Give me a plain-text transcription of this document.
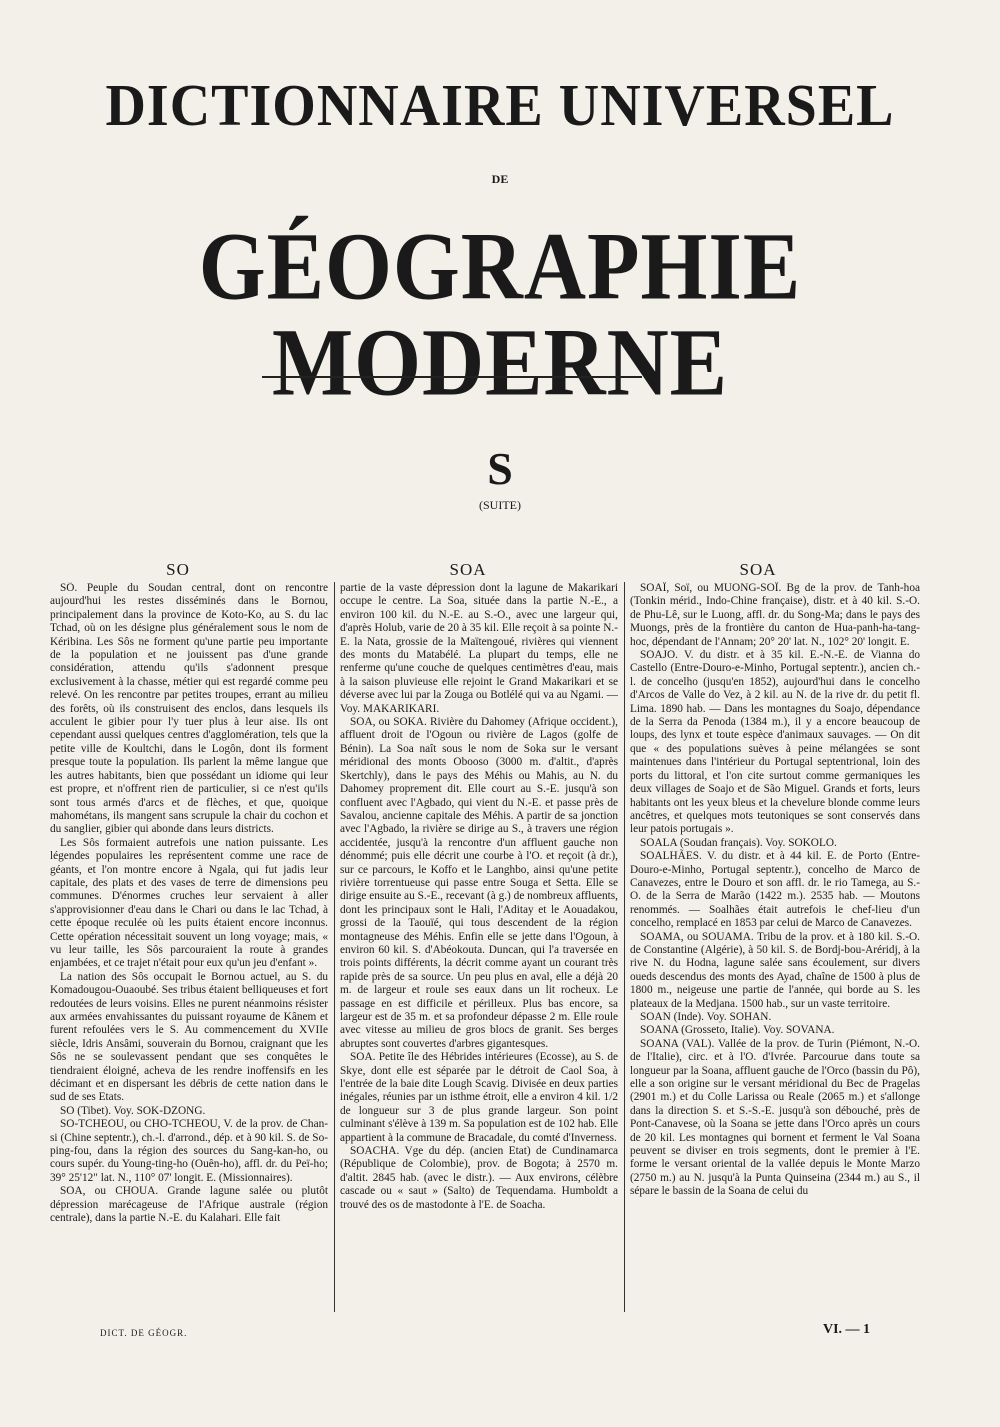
DICTIONNAIRE UNIVERSEL
DE
GÉOGRAPHIE MODERNE
S
(SUITE)
SO	SOA	SOA

SÔ. Peuple du Soudan central, dont on rencontre aujourd'hui les restes disséminés dans le Bornou, principalement dans la province de Koto-Ko, au S. du lac Tchad, où on les désigne plus généralement sous le nom de Kéribina. Les Sôs ne forment qu'une partie peu importante de la population et ne jouissent pas d'une grande considération, attendu qu'ils s'adonnent presque exclusivement à la chasse, métier qui est regardé comme peu relevé. On les rencontre par petites troupes, errant au milieu des forêts, où ils construisent des enclos, dans lesquels ils acculent le gibier pour l'y tuer plus à leur aise. Ils ont cependant aussi quelques centres d'agglomération, tels que la petite ville de Koultchi, dans le Logôn, dont ils forment presque toute la population. Ils parlent la même langue que les autres habitants, bien que possédant un idiome qui leur est propre, et n'offrent rien de particulier, si ce n'est qu'ils sont tous armés d'arcs et de flèches, et que, quoique mahométans, ils mangent sans scrupule la chair du cochon et du sanglier, gibier qui abonde dans leurs districts.

Les Sôs formaient autrefois une nation puissante. Les légendes populaires les représentent comme une race de géants, et l'on montre encore à Ngala, qui fut jadis leur capitale, des plats et des vases de terre de dimensions peu communes. D'énormes cruches leur servaient à aller s'approvisionner d'eau dans le Chari ou dans le lac Tchad, à cette époque reculée où les puits étaient encore inconnus. Cette opération nécessitait souvent un long voyage; mais, « vu leur taille, les Sôs parcouraient la route à grandes enjambées, et ce trajet n'était pour eux qu'un jeu d'enfant ».

La nation des Sôs occupait le Bornou actuel, au S. du Komadougou-Ouaoubé. Ses tribus étaient belliqueuses et fort redoutées de leurs voisins. Elles ne purent néanmoins résister aux armées envahissantes du puissant royaume de Kânem et furent refoulées vers le S. Au commencement du XVIIe siècle, Idris Ansâmi, souverain du Bornou, craignant que les Sôs ne se soulevassent pendant que ses conquêtes le tiendraient éloigné, acheva de les rendre inoffensifs en les décimant et en dispersant les débris de cette nation dans le sud de ses Etats.

SO (Tibet). Voy. SOK-DZONG.

SO-TCHEOU, ou CHO-TCHEOU, V. de la prov. de Chan-si (Chine septentr.), ch.-l. d'arrond., dép. et à 90 kil. S. de So-ping-fou, dans la région des sources du Sang-kan-ho, ou cours supér. du Young-ting-ho (Ouên-ho), affl. dr. du Peï-ho; 39° 25'12" lat. N., 110° 07' longit. E. (Missionnaires).

SOA, ou CHOUA. Grande lagune salée ou plutôt dépression marécageuse de l'Afrique australe (région centrale), dans la partie N.-E. du Kalahari. Elle fait

partie de la vaste dépression dont la lagune de Makarikari occupe le centre. La Soa, située dans la partie N.-E., a environ 100 kil. du N.-E. au S.-O., avec une largeur qui, d'après Holub, varie de 20 à 35 kil. Elle reçoit à sa pointe N.-E. la Nata, grossie de la Maïtengoué, rivières qui viennent des monts du Matabélé. La plupart du temps, elle ne renferme qu'une couche de quelques centimètres d'eau, mais à la saison pluvieuse elle rejoint le Grand Makarikari et se déverse avec lui par la Zouga ou Botlélé qui va au Ngami. — Voy. MAKARIKARI.

SOA, ou SOKA. Rivière du Dahomey (Afrique occident.), affluent droit de l'Ogoun ou rivière de Lagos (golfe de Bénin). La Soa naît sous le nom de Soka sur le versant méridional des monts Obooso (3000 m. d'altit., d'après Skertchly), dans le pays des Méhis ou Mahis, au N. du Dahomey proprement dit. Elle court au S.-E. jusqu'à son confluent avec l'Agbado, qui vient du N.-E. et passe près de Savalou, ancienne capitale des Méhis. A partir de sa jonction avec l'Agbado, la rivière se dirige au S., à travers une région accidentée, jusqu'à la rencontre d'un affluent gauche non dénommé; puis elle décrit une courbe à l'O. et reçoit (à dr.), sur ce parcours, le Koffo et le Langhbo, ainsi qu'une petite rivière torrentueuse qui passe entre Souga et Setta. Elle se dirige ensuite au S.-E., recevant (à g.) de nombreux affluents, dont les principaux sont le Hali, l'Aditay et le Aouadakou, grossi de la Taouïé, qui tous descendent de la région montagneuse des Méhis. Enfin elle se jette dans l'Ogoun, à environ 60 kil. S. d'Abéokouta. Duncan, qui l'a traversée en trois points différents, la décrit comme ayant un courant très rapide près de sa source. Un peu plus en aval, elle a déjà 20 m. de largeur et roule ses eaux dans un lit rocheux. Le passage en est difficile et périlleux. Plus bas encore, sa largeur est de 35 m. et sa profondeur dépasse 2 m. Elle roule avec vitesse au milieu de gros blocs de granit. Ses berges abruptes sont couvertes d'arbres gigantesques.

SOA. Petite île des Hébrides intérieures (Ecosse), au S. de Skye, dont elle est séparée par le détroit de Caol Soa, à l'entrée de la baie dite Lough Scavig. Divisée en deux parties inégales, réunies par un isthme étroit, elle a environ 4 kil. 1/2 de longueur sur 3 de plus grande largeur. Son point culminant s'élève à 139 m. Sa population est de 102 hab. Elle appartient à la commune de Bracadale, du comté d'Inverness.

SOACHA. Vge du dép. (ancien Etat) de Cundinamarca (République de Colombie), prov. de Bogota; à 2570 m. d'altit. 2845 hab. (avec le distr.). — Aux environs, célèbre cascade ou « saut » (Salto) de Tequendama. Humboldt a trouvé des os de mastodonte à l'E. de Soacha.

SOAÏ, Soï, ou MUONG-SOÏ. Bg de la prov. de Tanh-hoa (Tonkin mérid., Indo-Chine française), distr. et à 40 kil. S.-O. de Phu-Lê, sur le Luong, affl. dr. du Song-Ma; dans le pays des Muongs, près de la frontière du canton de Hua-panh-ha-tang-hoc, dépendant de l'Annam; 20° 20' lat. N., 102° 20' longit. E.

SOAJO. V. du distr. et à 35 kil. E.-N.-E. de Vianna do Castello (Entre-Douro-e-Minho, Portugal septentr.), ancien ch.-l. de concelho (jusqu'en 1852), aujourd'hui dans le concelho d'Arcos de Valle do Vez, à 2 kil. au N. de la rive dr. du petit fl. Lima. 1890 hab. — Dans les montagnes du Soajo, dépendance de la Serra da Penoda (1384 m.), il y a encore beaucoup de loups, des lynx et toute espèce d'animaux sauvages. — On dit que « des populations suèves à peine mélangées se sont maintenues dans l'intérieur du Portugal septentrional, loin des ports du littoral, et l'on cite surtout comme germaniques les deux villages de Soajo et de São Miguel. Grands et forts, leurs habitants ont les yeux bleus et la chevelure blonde comme leurs ancêtres, et quelques mots teutoniques se sont conservés dans leur patois portugais ».

SOALA (Soudan français). Voy. SOKOLO.

SOALHÃES. V. du distr. et à 44 kil. E. de Porto (Entre-Douro-e-Minho, Portugal septentr.), concelho de Marco de Canavezes, entre le Douro et son affl. dr. le rio Tamega, au S.-O. de la Serra de Marão (1422 m.). 2535 hab. — Moutons renommés. — Soalhães était autrefois le chef-lieu d'un concelho, remplacé en 1853 par celui de Marco de Canavezes.

SOAMA, ou SOUAMA. Tribu de la prov. et à 180 kil. S.-O. de Constantine (Algérie), à 50 kil. S. de Bordj-bou-Aréridj, à la rive N. du Hodna, lagune salée sans écoulement, sur divers oueds descendus des monts des Ayad, chaîne de 1500 à plus de 1800 m., neigeuse une partie de l'année, qui borde au S. les plateaux de la Medjana. 1500 hab., sur un vaste territoire.

SOAN (Inde). Voy. SOHAN.

SOANA (Grosseto, Italie). Voy. SOVANA.

SOANA (VAL). Vallée de la prov. de Turin (Piémont, N.-O. de l'Italie), circ. et à l'O. d'Ivrée. Parcourue dans toute sa longueur par la Soana, affluent gauche de l'Orco (bassin du Pô), elle a son origine sur le versant méridional du Bec de Pragelas (2901 m.) et du Colle Larissa ou Reale (2065 m.) et s'allonge dans la direction S. et S.-S.-E. jusqu'à son débouché, près de Pont-Canavese, où la Soana se jette dans l'Orco après un cours de 20 kil. Les montagnes qui bornent et ferment le Val Soana peuvent se diviser en trois segments, dont le premier à l'E. forme le versant oriental de la vallée depuis le Monte Marzo (2750 m.) au N. jusqu'à la Punta Quinseina (2344 m.) au S., il sépare le bassin de la Soana de celui du

DICT. DE GÉOGR.	VI. — 1
